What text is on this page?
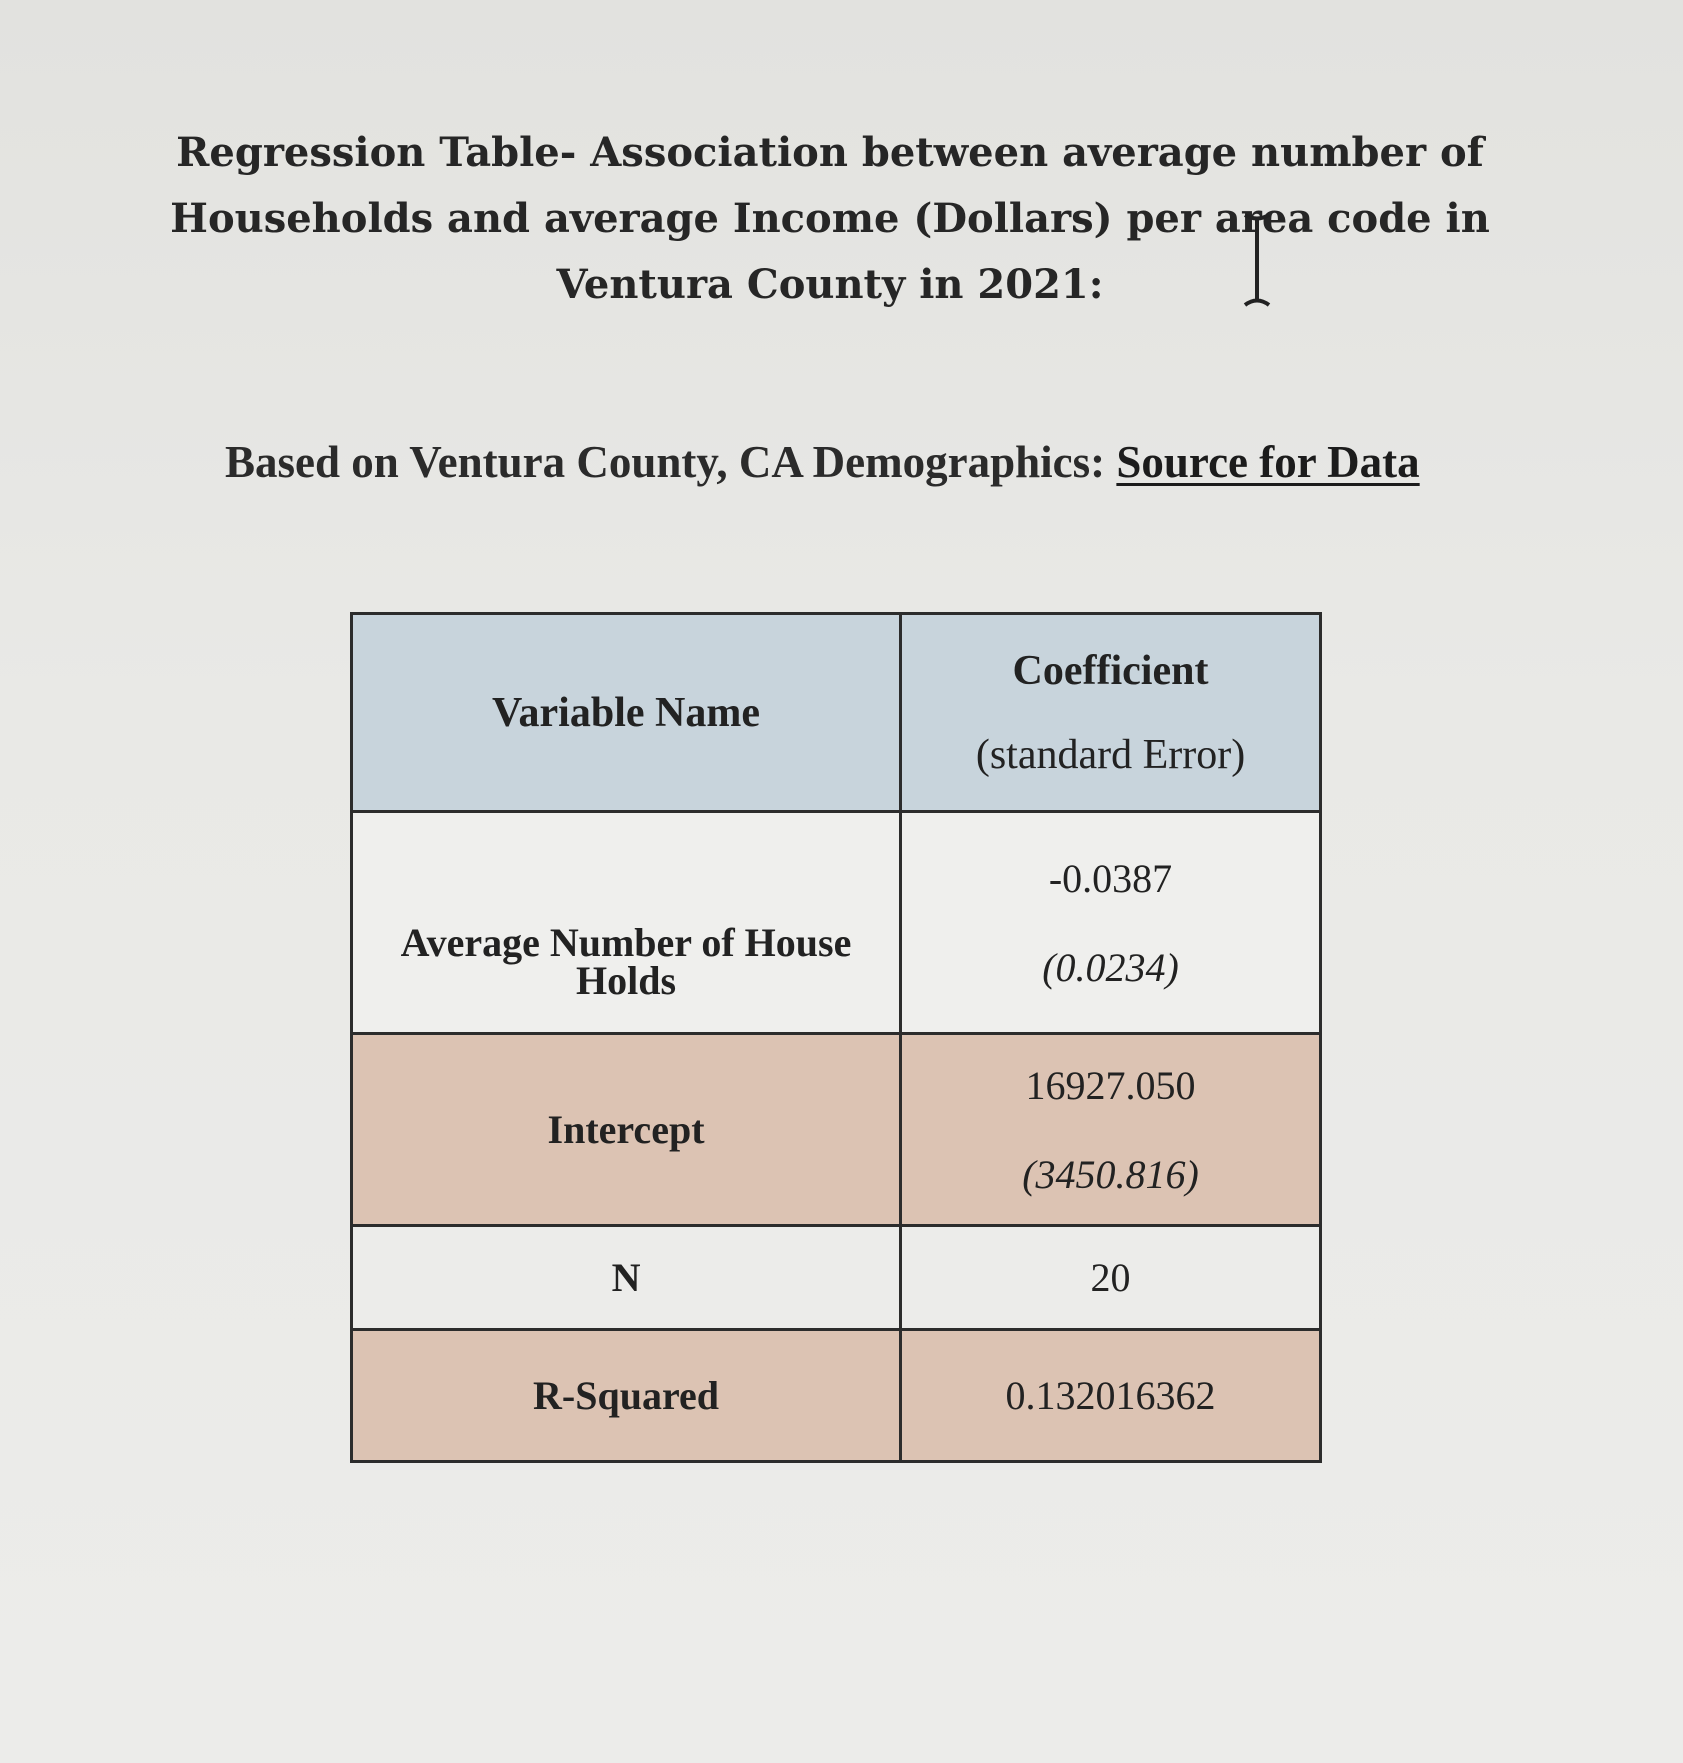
Regression Table- Association between average number of Households and average Income (Dollars) per area code in Ventura County in 2021:
Based on Ventura County, CA Demographics: Source for Data
Variable Name	Coefficient
(standard Error)

Average Number of House Holds	-0.0387
(0.0234)

Intercept	16927.050
(3450.816)

N	20

R-Squared	0.132016362
